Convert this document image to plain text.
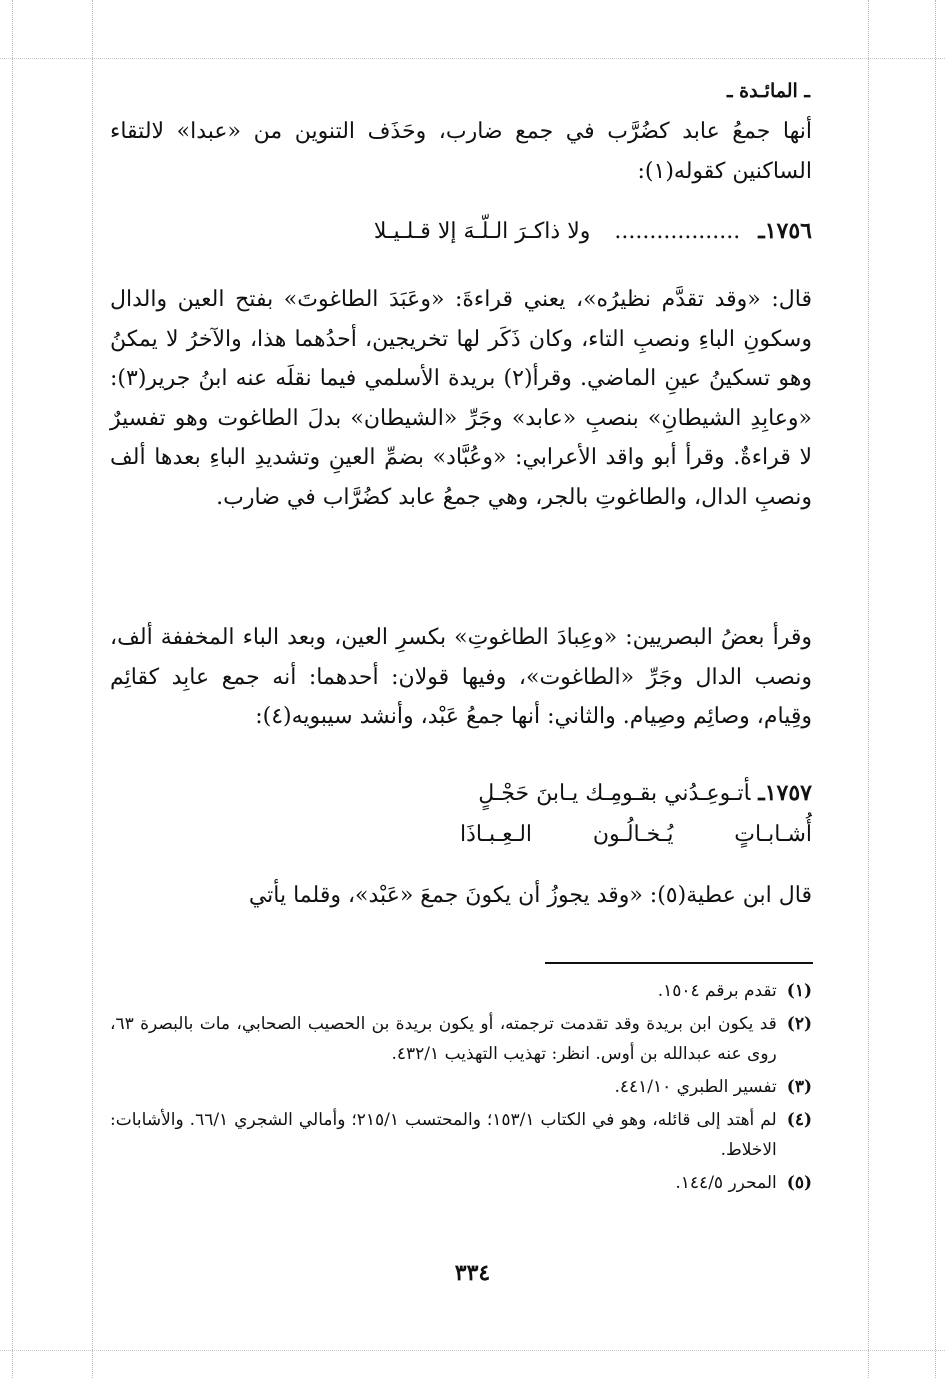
ـ المائـدة ـ
أنها جمعُ عابد كضُرَّب في جمع ضارب، وحَذَف التنوين من «عبدا» لالتقاء الساكنين كقوله(١):
١٧٥٦ـ..................ولا ذاكـرَ الـلّـهَ إلا قـلـيـلا
قال: «وقد تقدَّم نظيرُه»، يعني قراءةَ: «وعَبَدَ الطاغوتَ» بفتح العين والدال وسكونِ الباءِ ونصبِ التاء، وكان ذَكَر لها تخريجين، أحدُهما هذا، والآخرُ لا يمكنُ وهو تسكينُ عينِ الماضي. وقرأ(٢) بريدة الأسلمي فيما نقلَه عنه ابنُ جرير(٣): «وعابِدِ الشيطانِ» بنصبِ «عابد» وجَرِّ «الشيطان» بدلَ الطاغوت وهو تفسيرٌ لا قراءةٌ. وقرأ أبو واقد الأعرابي: «وعُبَّاد» بضمِّ العينِ وتشديدِ الباءِ بعدها ألف ونصبِ الدال، والطاغوتِ بالجر، وهي جمعُ عابد كضُرَّاب في ضارب.
وقرأ بعضُ البصريين: «وعِبادَ الطاغوتِ» بكسرِ العين، وبعد الباء المخففة ألف، ونصب الدال وجَرِّ «الطاغوت»، وفيها قولان: أحدهما: أنه جمع عابِد كقائِم وقِيام، وصائِم وصِيام. والثاني: أنها جمعُ عَبْد، وأنشد سيبويه(٤):
١٧٥٧ـأتـوعِـدُني بقـومِـك يـابنَ حَجْـلٍ
أُشـابـاتٍ يُـخـالُـون الـعِـبـاذَا
قال ابن عطية(٥): «وقد يجوزُ أن يكونَ جمعَ «عَبْد»، وقلما يأتي
(١)
تقدم برقم ١٥٠٤.
(٢)
قد يكون ابن بريدة وقد تقدمت ترجمته، أو يكون بريدة بن الحصيب الصحابي، مات بالبصرة ٦٣، روى عنه عبدالله بن أوس. انظر: تهذيب التهذيب ٤٣٢/١.
(٣)
تفسير الطبري ٤٤١/١٠.
(٤)
لم أهتد إلى قائله، وهو في الكتاب ١٥٣/١؛ والمحتسب ٢١٥/١؛ وأمالي الشجري ٦٦/١. والأشابات: الاخلاط.
(٥)
المحرر ١٤٤/٥.
٣٣٤
